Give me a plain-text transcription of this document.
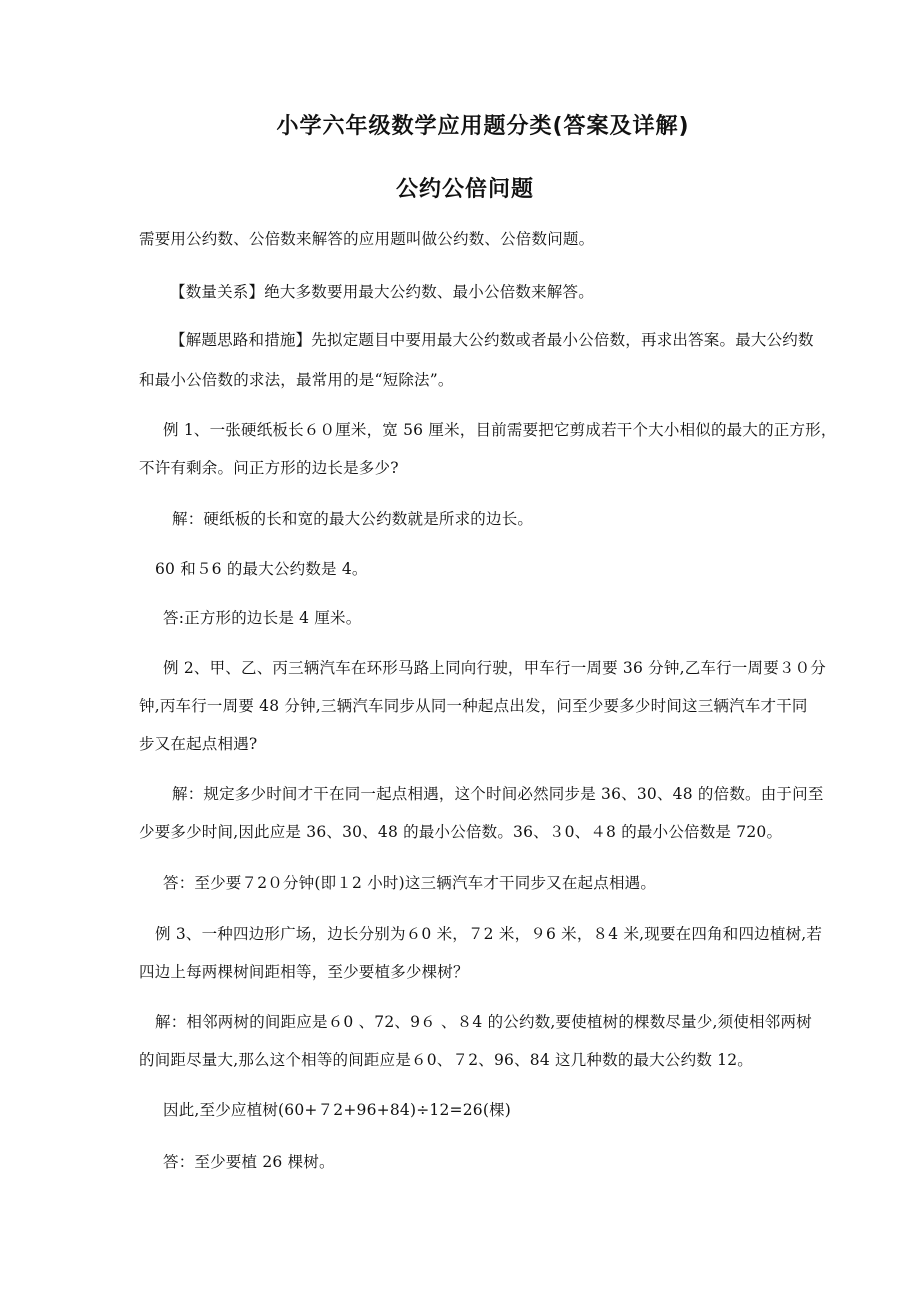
小学六年级数学应用题分类(答案及详解)
公约公倍问题
需要用公约数、公倍数来解答的应用题叫做公约数、公倍数问题。
【数量关系】绝大多数要用最大公约数、最小公倍数来解答。
【解题思路和措施】先拟定题目中要用最大公约数或者最小公倍数，再求出答案。最大公约数
和最小公倍数的求法，最常用的是“短除法”。
例 1、一张硬纸板长６０厘米，宽 56 厘米，目前需要把它剪成若干个大小相似的最大的正方形，
不许有剩余。问正方形的边长是多少?
解：硬纸板的长和宽的最大公约数就是所求的边长。
60 和５6 的最大公约数是 4。
答:正方形的边长是 4 厘米。
例 2、甲、乙、丙三辆汽车在环形马路上同向行驶，甲车行一周要 36 分钟,乙车行一周要３０分
钟,丙车行一周要 48 分钟,三辆汽车同步从同一种起点出发，问至少要多少时间这三辆汽车才干同
步又在起点相遇?
解：规定多少时间才干在同一起点相遇，这个时间必然同步是 36、30、48 的倍数。由于问至
少要多少时间,因此应是 36、30、48 的最小公倍数。36、３0、４8 的最小公倍数是 720。
答：至少要７2０分钟(即１2 小时)这三辆汽车才干同步又在起点相遇。
例 3、一种四边形广场，边长分别为６0 米，７2 米，９6 米，８4 米,现要在四角和四边植树,若
四边上每两棵树间距相等，至少要植多少棵树？
解：相邻两树的间距应是６0 、72、9６ 、８4 的公约数,要使植树的棵数尽量少,须使相邻两树
的间距尽量大,那么这个相等的间距应是６0、７2、96、84 这几种数的最大公约数 12。
因此,至少应植树(60+７2+96+84)÷12=26(棵)
答：至少要植 26 棵树。
